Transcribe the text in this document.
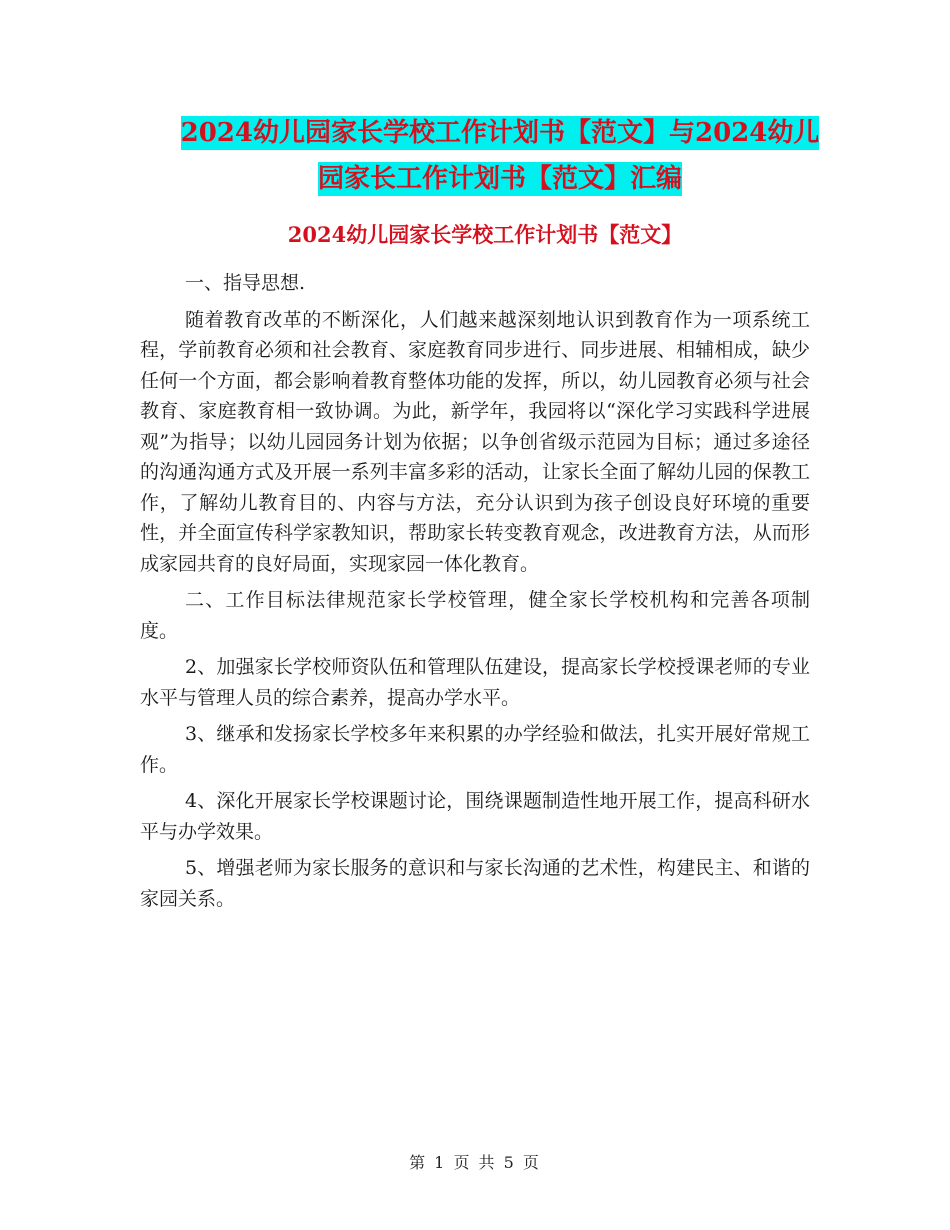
2024幼儿园家长学校工作计划书【范文】与2024幼儿
园家长工作计划书【范文】汇编
2024幼儿园家长学校工作计划书【范文】

一、指导思想.

随着教育改革的不断深化，人们越来越深刻地认识到教育作为一项系统工程，学前教育必须和社会教育、家庭教育同步进行、同步进展、相辅相成，缺少任何一个方面，都会影响着教育整体功能的发挥，所以，幼儿园教育必须与社会教育、家庭教育相一致协调。为此，新学年，我园将以“深化学习实践科学进展观”为指导；以幼儿园园务计划为依据；以争创省级示范园为目标；通过多途径的沟通沟通方式及开展一系列丰富多彩的活动，让家长全面了解幼儿园的保教工作，了解幼儿教育目的、内容与方法，充分认识到为孩子创设良好环境的重要性，并全面宣传科学家教知识，帮助家长转变教育观念，改进教育方法，从而形成家园共育的良好局面，实现家园一体化教育。

二、工作目标法律规范家长学校管理，健全家长学校机构和完善各项制度。

2、加强家长学校师资队伍和管理队伍建设，提高家长学校授课老师的专业水平与管理人员的综合素养，提高办学水平。

3、继承和发扬家长学校多年来积累的办学经验和做法，扎实开展好常规工作。

4、深化开展家长学校课题讨论，围绕课题制造性地开展工作，提高科研水平与办学效果。

5、增强老师为家长服务的意识和与家长沟通的艺术性，构建民主、和谐的家园关系。

第 1 页 共 5 页
